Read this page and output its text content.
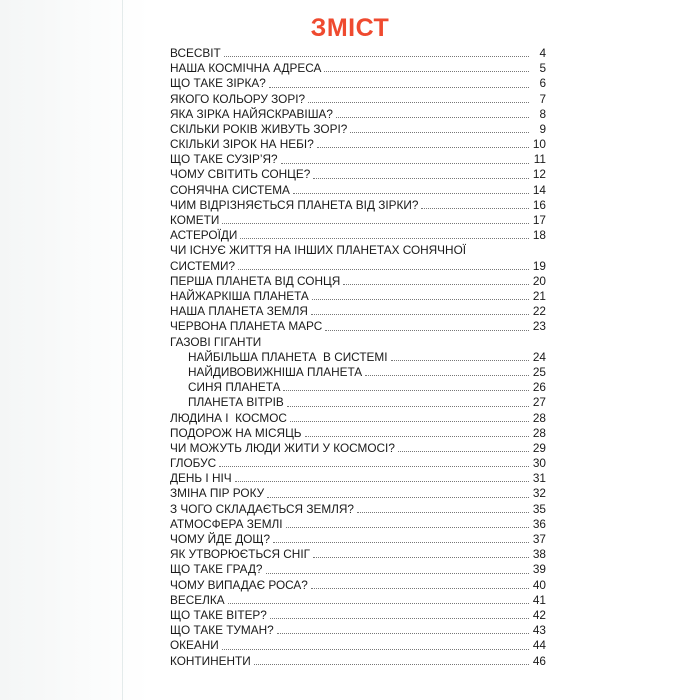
ЗМІСТ
ВСЕСВІТ	4
НАША КОСМІЧНА АДРЕСА	5
ЩО ТАКЕ ЗІРКА?	6
ЯКОГО КОЛЬОРУ ЗОРІ?	7
ЯКА ЗІРКА НАЙЯСКРАВІША?	8
СКІЛЬКИ РОКІВ ЖИВУТЬ ЗОРІ?	9
СКІЛЬКИ ЗІРОК НА НЕБІ?	10
ЩО ТАКЕ СУЗІР’Я?	11
ЧОМУ СВІТИТЬ СОНЦЕ?	12
СОНЯЧНА СИСТЕМА	14
ЧИМ ВІДРІЗНЯЄТЬСЯ ПЛАНЕТА ВІД ЗІРКИ?	16
КОМЕТИ	17
АСТЕРОЇДИ	18
ЧИ ІСНУЄ ЖИТТЯ НА ІНШИХ ПЛАНЕТАХ СОНЯЧНОЇ
СИСТЕМИ?	19
ПЕРША ПЛАНЕТА ВІД СОНЦЯ	20
НАЙЖАРКІША ПЛАНЕТА	21
НАША ПЛАНЕТА ЗЕМЛЯ	22
ЧЕРВОНА ПЛАНЕТА МАРС	23
ГАЗОВІ ГІГАНТИ
НАЙБІЛЬША ПЛАНЕТА  В СИСТЕМІ	24
НАЙДИВОВИЖНІША ПЛАНЕТА	25
СИНЯ ПЛАНЕТА	26
ПЛАНЕТА ВІТРІВ	27
ЛЮДИНА І  КОСМОС	28
ПОДОРОЖ НА МІСЯЦЬ	28
ЧИ МОЖУТЬ ЛЮДИ ЖИТИ У КОСМОСІ?	29
ГЛОБУС	30
ДЕНЬ І НІЧ	31
ЗМІНА ПІР РОКУ	32
З ЧОГО СКЛАДАЄТЬСЯ ЗЕМЛЯ?	35
АТМОСФЕРА ЗЕМЛІ	36
ЧОМУ ЙДЕ ДОЩ?	37
ЯК УТВОРЮЄТЬСЯ СНІГ	38
ЩО ТАКЕ ГРАД?	39
ЧОМУ ВИПАДАЄ РОСА?	40
ВЕСЕЛКА	41
ЩО ТАКЕ ВІТЕР?	42
ЩО ТАКЕ ТУМАН?	43
ОКЕАНИ	44
КОНТИНЕНТИ	46
